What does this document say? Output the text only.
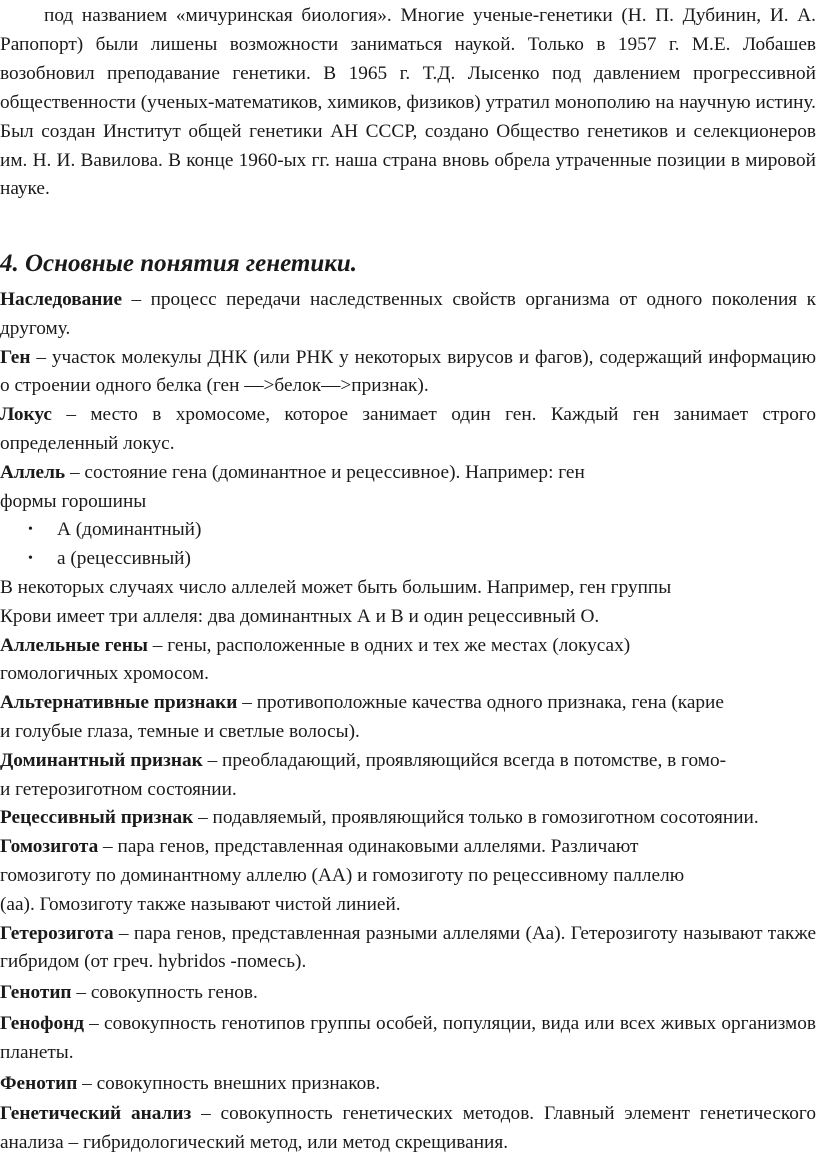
под названием «мичуринская биология». Многие ученые-генетики (Н. П. Дубинин, И. А. Рапопорт) были лишены возможности заниматься наукой. Только в 1957 г. М.Е. Лобашев возобновил преподавание генетики. В 1965 г. Т.Д. Лысенко под давлением прогрессивной общественности (ученых-математиков, химиков, физиков) утратил монополию на научную истину. Был создан Институт общей генетики АН СССР, создано Общество генетиков и селекционеров им. Н. И. Вавилова. В конце 1960-ых гг. наша страна вновь обрела утраченные позиции в мировой науке.

4. Основные понятия генетики.

Наследование – процесс передачи наследственных свойств организма от одного поколения к другому.

Ген – участок молекулы ДНК (или РНК у некоторых вирусов и фагов), содержащий информацию о строении одного белка (ген —>белок—>признак).

Локус – место в хромосоме, которое занимает один ген. Каждый ген занимает строго определенный локус.

Аллель – состояние гена (доминантное и рецессивное). Например: ген
формы горошины

• А (доминантный)
• а (рецессивный)

В некоторых случаях число аллелей может быть большим. Например, ген группы
Крови имеет три аллеля: два доминантных А и В и один рецессивный О.

Аллельные гены – гены, расположенные в одних и тех же местах (локусах)
гомологичных хромосом.

Альтернативные признаки – противоположные качества одного признака, гена (карие
и голубые глаза, темные и светлые волосы).

Доминантный признак – преобладающий, проявляющийся всегда в потомстве, в гомо-
и гетерозиготном состоянии.

Рецессивный признак – подавляемый, проявляющийся только в гомозиготном сосотоянии.

Гомозигота – пара генов, представленная одинаковыми аллелями. Различают
гомозиготу по доминантному аллелю (АА) и гомозиготу по рецессивному паллелю
(аа). Гомозиготу также называют чистой линией.

Гетерозигота – пара генов, представленная разными аллелями (Аа). Гетерозиготу называют также гибридом (от греч. hybridos -помесь).

Генотип – совокупность генов.

Генофонд – совокупность генотипов группы особей, популяции, вида или всех живых организмов планеты.

Фенотип – совокупность внешних признаков.

Генетический анализ – совокупность генетических методов. Главный элемент генетического анализа – гибридологический метод, или метод скрещивания.
